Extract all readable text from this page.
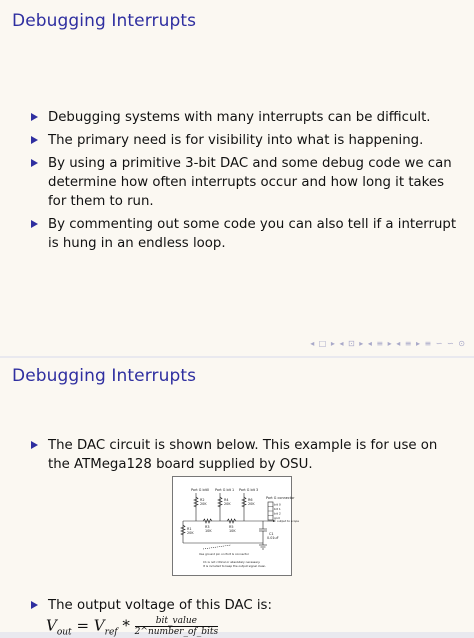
Debugging Interrupts
Debugging systems with many interrupts can be difficult.
The primary need is for visibility into what is happening.
By using a primitive 3-bit DAC and some debug code we can determine how often interrupts occur and how long it takes for them to run.
By commenting out some code you can also tell if a interrupt is hung in an endless loop.
◂ □ ▸ ◂ ⊡ ▸ ◂ ≡ ▸ ◂ ≡ ▸ ≡ ∽ ∽ ⊙
Debugging Interrupts
The DAC circuit is shown below. This example is for use on the ATMega128 board supplied by OSU.
Port G bit0 Port G bit 1 Port G bit 3
Port G connector
bit 0
bit 1
bit 2
gnd
R2
20K
R4
20K
R6
20K
R1
20K
R3
10K
R5
10K
C1
0.01uF
output to scope
Use ground pin on Port G connector
C1 is not critical or absolutely necessary.
It is included to keep the output signal clean.
The output voltage of this DAC is:
$V_{out} = V_{ref} * \frac{\text{bit\_value}}{\text{2\textasciicircum{}number\_of\_bits}}$
